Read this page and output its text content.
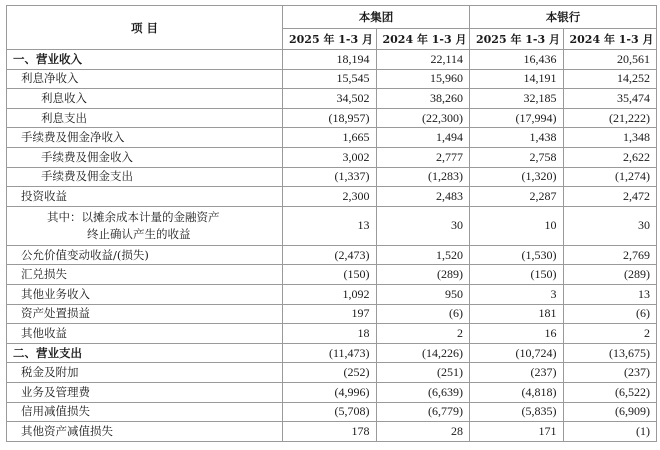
项 目	本集团		本银行	
	2025 年 1-3 月	2024 年 1-3 月	2025 年 1-3 月	2024 年 1-3 月
一、营业收入	18,194	22,114	16,436	20,561
利息净收入	15,545	15,960	14,191	14,252
利息收入	34,502	38,260	32,185	35,474
利息支出	(18,957)	(22,300)	(17,994)	(21,222)
手续费及佣金净收入	1,665	1,494	1,438	1,348
手续费及佣金收入	3,002	2,777	2,758	2,622
手续费及佣金支出	(1,337)	(1,283)	(1,320)	(1,274)
投资收益	2,300	2,483	2,287	2,472

其中：以摊余成本计量的金融资产
终止确认产生的收益	13	30	10	30
公允价值变动收益/(损失)	(2,473)	1,520	(1,530)	2,769
汇兑损失	(150)	(289)	(150)	(289)
其他业务收入	1,092	950	3	13
资产处置损益	197	(6)	181	(6)
其他收益	18	2	16	2
二、营业支出	(11,473)	(14,226)	(10,724)	(13,675)
税金及附加	(252)	(251)	(237)	(237)
业务及管理费	(4,996)	(6,639)	(4,818)	(6,522)
信用减值损失	(5,708)	(6,779)	(5,835)	(6,909)
其他资产减值损失	178	28	171	(1)
